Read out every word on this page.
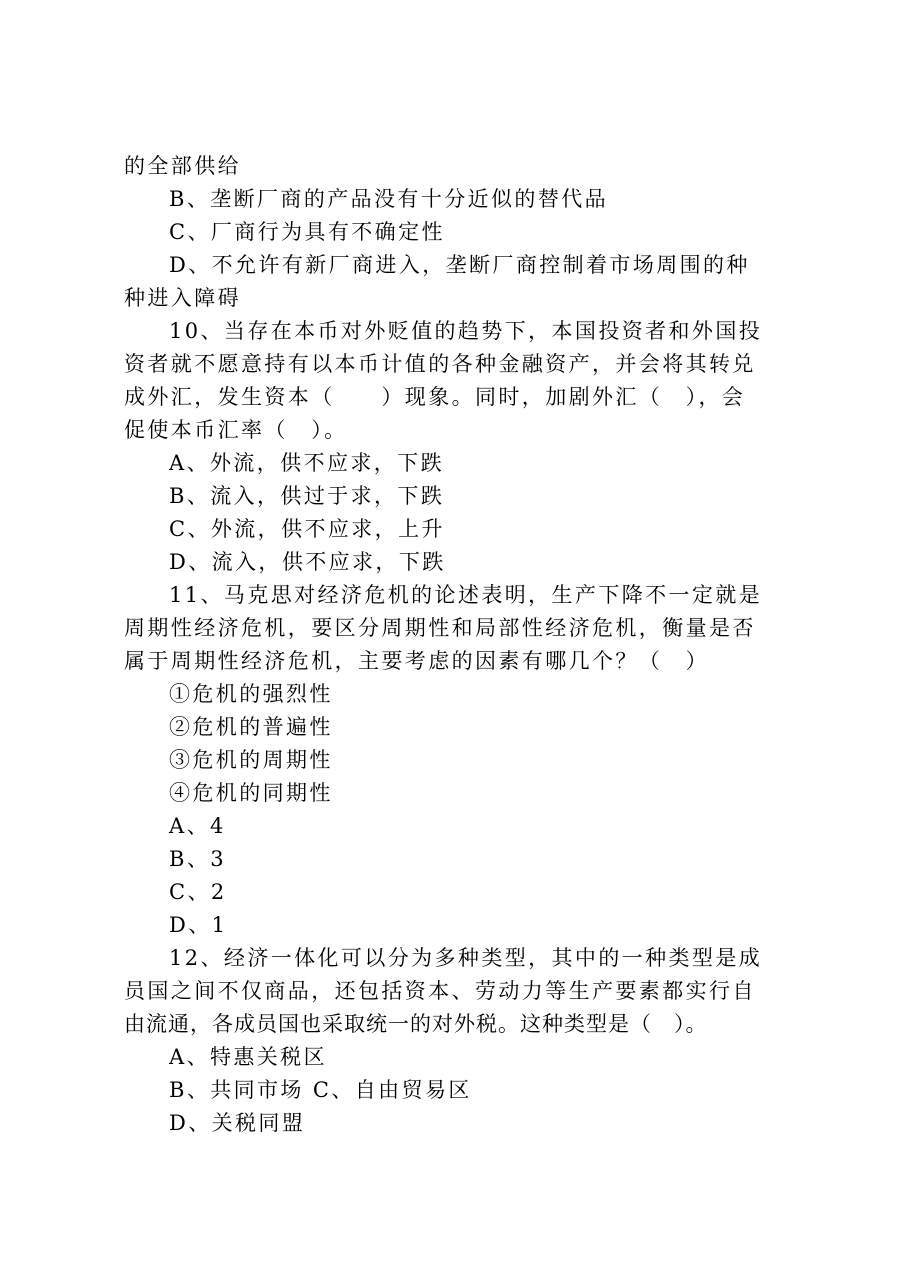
的全部供给
B、垄断厂商的产品没有十分近似的替代品
C、厂商行为具有不确定性
D、不允许有新厂商进入，垄断厂商控制着市场周围的种
种进入障碍
10、当存在本币对外贬值的趋势下，本国投资者和外国投
资者就不愿意持有以本币计值的各种金融资产，并会将其转兑
成外汇，发生资本（　　）现象。同时，加剧外汇（　），会
促使本币汇率（　）。
A、外流，供不应求，下跌
B、流入，供过于求，下跌
C、外流，供不应求，上升
D、流入，供不应求，下跌
11、马克思对经济危机的论述表明，生产下降不一定就是
周期性经济危机，要区分周期性和局部性经济危机，衡量是否
属于周期性经济危机，主要考虑的因素有哪几个？（　）
①危机的强烈性
②危机的普遍性
③危机的周期性
④危机的同期性
A、4
B、3
C、2
D、1
12、经济一体化可以分为多种类型，其中的一种类型是成
员国之间不仅商品，还包括资本、劳动力等生产要素都实行自
由流通，各成员国也采取统一的对外税。这种类型是（　）。
A、特惠关税区
B、共同市场 C、自由贸易区
D、关税同盟
